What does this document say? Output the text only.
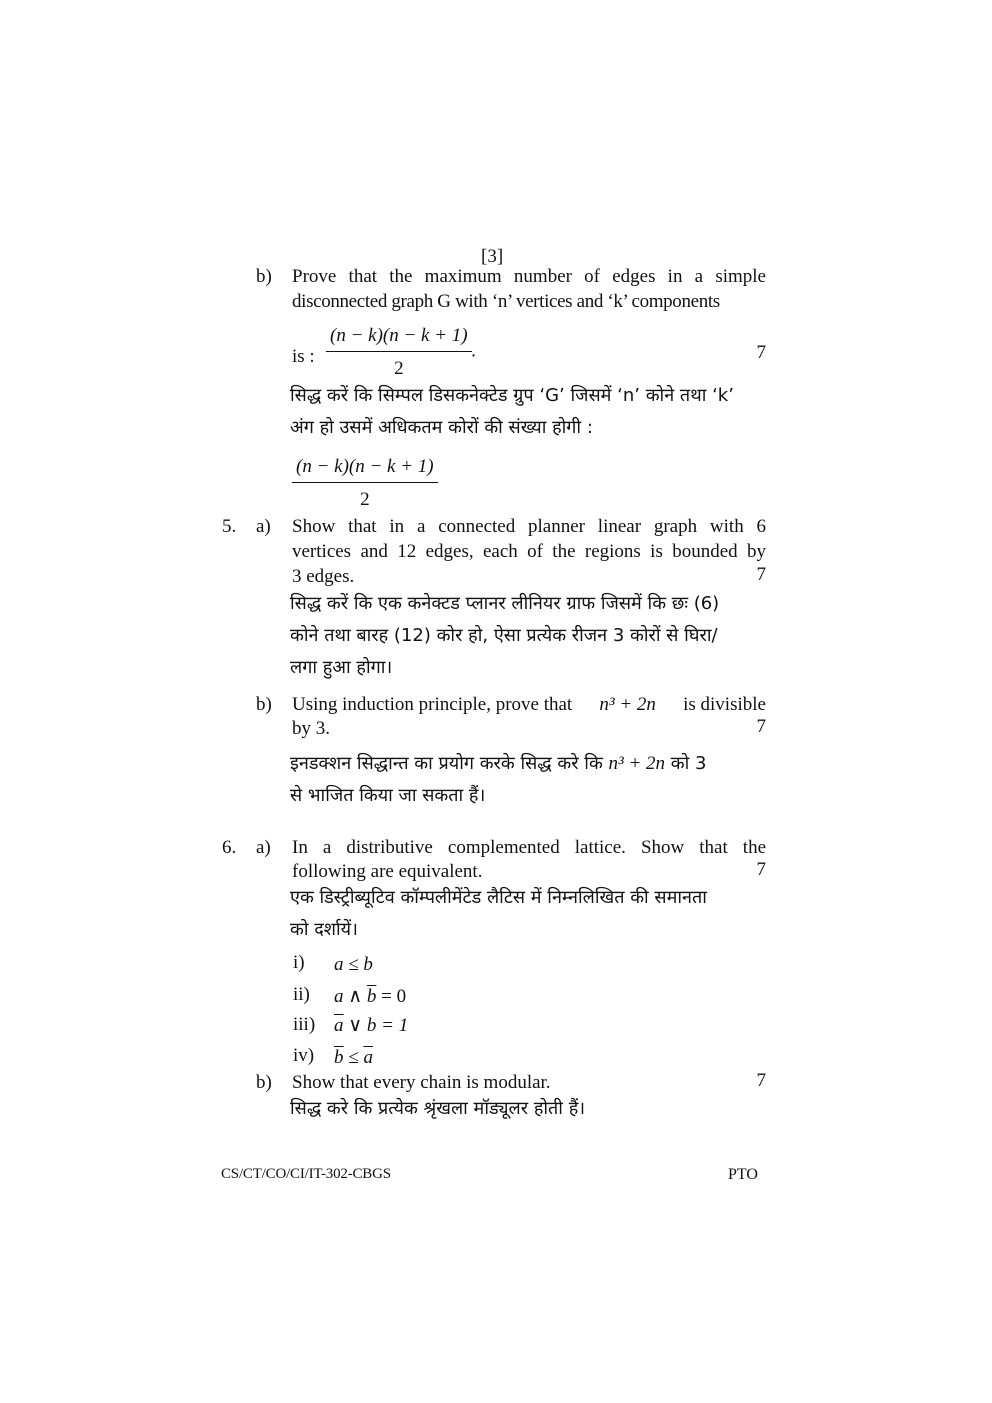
[3]
b) Prove that the maximum number of edges in a simple
disconnected graph G with ‘n’ vertices and ‘k’ components
is : $\frac{(n - k)(n - k + 1)}{2}$ .	7
सिद्ध करें कि सिम्पल डिसकनेक्टेड ग्रुप ‘G’ जिसमें ‘n’ कोने तथा ‘k’
अंग हो उसमें अधिकतम कोरों की संख्या होगी :
$\frac{(n - k)(n - k + 1)}{2}$
5. a) Show that in a connected planner linear graph with 6
vertices and 12 edges, each of the regions is bounded by
3 edges.	7
सिद्ध करें कि एक कनेक्टड प्लानर लीनियर ग्राफ जिसमें कि छः (6)
कोने तथा बारह (12) कोर हो, ऐसा प्रत्येक रीजन 3 कोरों से घिरा/
लगा हुआ होगा।
b) Using induction principle, prove that n³ + 2n is divisible
by 3.	7
इनडक्शन सिद्धान्त का प्रयोग करके सिद्ध करे कि n³ + 2n को 3
से भाजित किया जा सकता हैं।
6. a) In a distributive complemented lattice. Show that the
following are equivalent.	7
एक डिस्ट्रीब्यूटिव कॉम्पलीमेंटेड लैटिस में निम्नलिखित की समानता
को दर्शायें।
i) a ≤ b
ii) a ∧ $\overline{b} = 0$
iii) $\overline{a}$ ∨ b = 1
iv) $\overline{b} \le \overline{a}$
b) Show that every chain is modular.	7
सिद्ध करे कि प्रत्येक श्रृंखला मॉड्यूलर होती हैं।
CS/CT/CO/CI/IT-302-CBGS	PTO
